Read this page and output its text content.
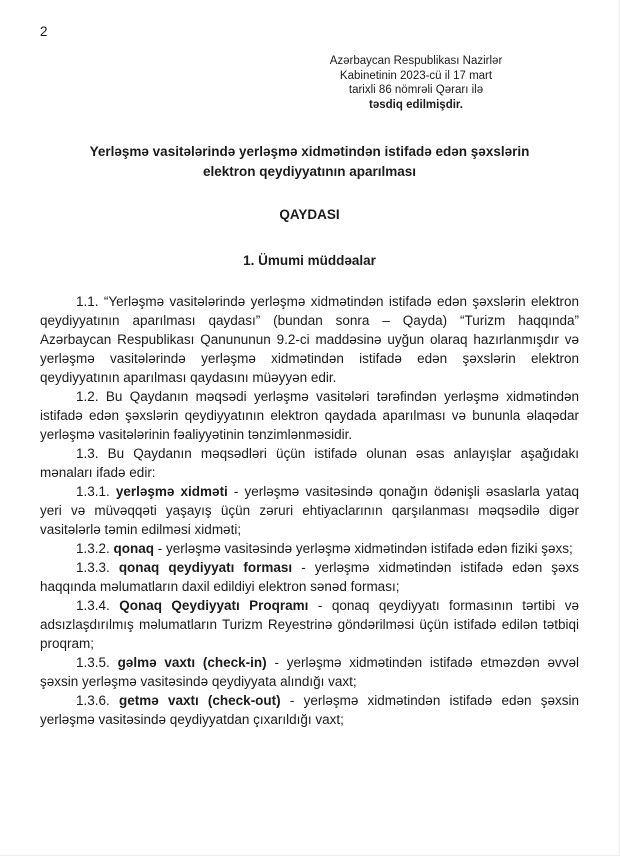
2
Azərbaycan Respublikası Nazirlər
Kabinetinin 2023-cü il 17 mart
tarixli 86 nömrəli Qərarı ilə
təsdiq edilmişdir.
Yerləşmə vasitələrində yerləşmə xidmətindən istifadə edən şəxslərin elektron qeydiyyatının aparılması
QAYDASI
1. Ümumi müddəalar

1.1. “Yerləşmə vasitələrində yerləşmə xidmətindən istifadə edən şəxslərin elektron qeydiyyatının aparılması qaydası” (bundan sonra – Qayda) “Turizm haqqında” Azərbaycan Respublikası Qanununun 9.2-ci maddəsinə uyğun olaraq hazırlanmışdır və yerləşmə vasitələrində yerləşmə xidmətindən istifadə edən şəxslərin elektron qeydiyyatının aparılması qaydasını müəyyən edir.

1.2. Bu Qaydanın məqsədi yerləşmə vasitələri tərəfindən yerləşmə xidmətindən istifadə edən şəxslərin qeydiyyatının elektron qaydada aparılması və bununla əlaqədar yerləşmə vasitələrinin fəaliyyətinin tənzimlənməsidir.

1.3. Bu Qaydanın məqsədləri üçün istifadə olunan əsas anlayışlar aşağıdakı mənaları ifadə edir:

1.3.1. yerləşmə xidməti - yerləşmə vasitəsində qonağın ödənişli əsaslarla yataq yeri və müvəqqəti yaşayış üçün zəruri ehtiyaclarının qarşılanması məqsədilə digər vasitələrlə təmin edilməsi xidməti;

1.3.2. qonaq - yerləşmə vasitəsində yerləşmə xidmətindən istifadə edən fiziki şəxs;

1.3.3. qonaq qeydiyyatı forması - yerləşmə xidmətindən istifadə edən şəxs haqqında məlumatların daxil edildiyi elektron sənəd forması;

1.3.4. Qonaq Qeydiyyatı Proqramı - qonaq qeydiyyatı formasının tərtibi və adsızlaşdırılmış məlumatların Turizm Reyestrinə göndərilməsi üçün istifadə edilən tətbiqi proqram;

1.3.5. gəlmə vaxtı (check-in) - yerləşmə xidmətindən istifadə etməzdən əvvəl şəxsin yerləşmə vasitəsində qeydiyyata alındığı vaxt;

1.3.6. getmə vaxtı (check-out) - yerləşmə xidmətindən istifadə edən şəxsin yerləşmə vasitəsində qeydiyyatdan çıxarıldığı vaxt;
